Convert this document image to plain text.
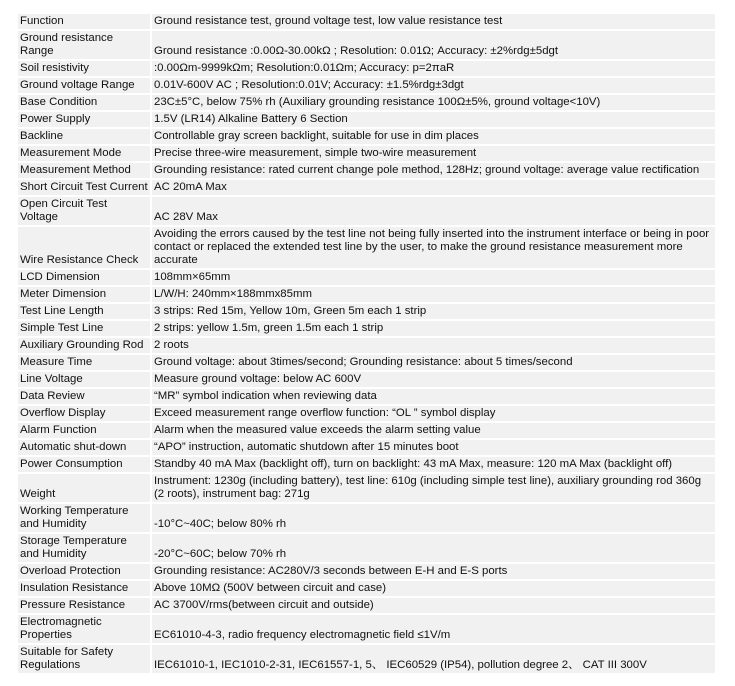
Function	Ground resistance test, ground voltage test, low value resistance test
Ground resistance Range	Ground resistance :0.00Ω-30.00kΩ ; Resolution: 0.01Ω; Accuracy: ±2%rdg±5dgt
Soil resistivity	:0.00Ωm-9999kΩm; Resolution:0.01Ωm; Accuracy: p=2πaR
Ground voltage Range	0.01V-600V AC ; Resolution:0.01V; Accuracy: ±1.5%rdg±3dgt
Base Condition	23C±5°C, below 75% rh (Auxiliary grounding resistance 100Ω±5%, ground voltage<10V)
Power Supply	1.5V (LR14) Alkaline Battery 6 Section
Backline	Controllable gray screen backlight, suitable for use in dim places
Measurement Mode	Precise three-wire measurement, simple two-wire measurement
Measurement Method	Grounding resistance: rated current change pole method, 128Hz; ground voltage: average value rectification
Short Circuit Test Current	AC 20mA Max
Open Circuit Test Voltage	AC 28V Max
Wire Resistance Check	Avoiding the errors caused by the test line not being fully inserted into the instrument interface or being in poor contact or replaced the extended test line by the user, to make the ground resistance measurement more accurate
LCD Dimension	108mm×65mm
Meter Dimension	L/W/H: 240mm×188mmx85mm
Test Line Length	3 strips: Red 15m, Yellow 10m, Green 5m each 1 strip
Simple Test Line	2 strips: yellow 1.5m, green 1.5m each 1 strip
Auxiliary Grounding Rod	2 roots
Measure Time	Ground voltage: about 3times/second; Grounding resistance: about 5 times/second
Line Voltage	Measure ground voltage: below AC 600V
Data Review	“MR” symbol indication when reviewing data
Overflow Display	Exceed measurement range overflow function: “OL ” symbol display
Alarm Function	Alarm when the measured value exceeds the alarm setting value
Automatic shut-down	“APO” instruction, automatic shutdown after 15 minutes boot
Power Consumption	Standby 40 mA Max (backlight off), turn on backlight: 43 mA Max, measure: 120 mA Max (backlight off)
Weight	Instrument: 1230g (including battery), test line: 610g (including simple test line), auxiliary grounding rod 360g (2 roots), instrument bag: 271g
Working Temperature and Humidity	-10°C~40C; below 80% rh
Storage Temperature and Humidity	-20°C~60C; below 70% rh
Overload Protection	Grounding resistance: AC280V/3 seconds between E-H and E-S ports
Insulation Resistance	Above 10MΩ (500V between circuit and case)
Pressure Resistance	AC 3700V/rms(between circuit and outside)
Electromagnetic Properties	EC61010-4-3, radio frequency electromagnetic field ≤1V/m
Suitable for Safety Regulations	IEC61010-1, IEC1010-2-31, IEC61557-1, 5、 IEC60529 (IP54), pollution degree 2、 CAT III 300V
